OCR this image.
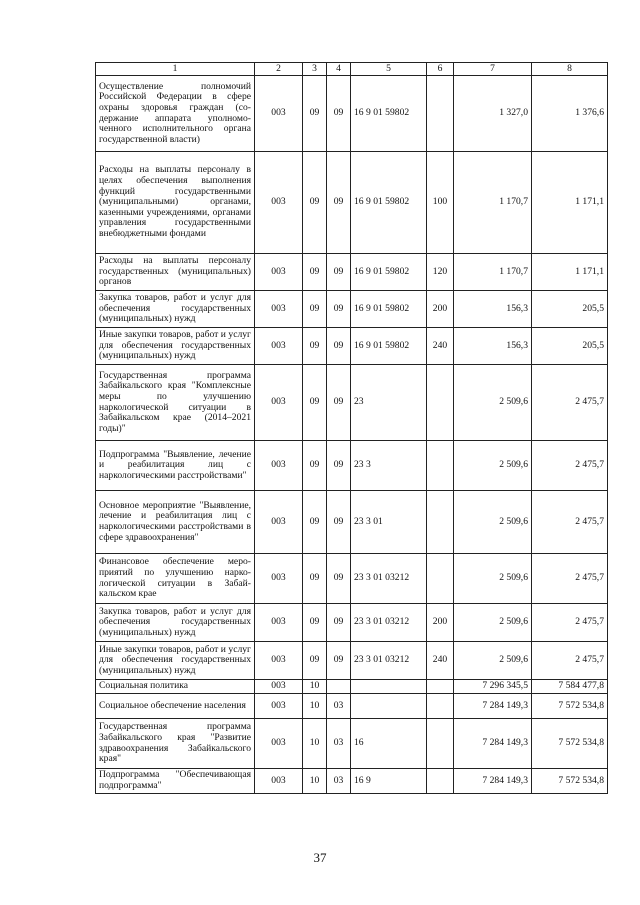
1	2	3	4	5	6	7	8
Осуществление полномочий Российской Федерации в сфере охраны здоровья граждан (содержание аппарата уполномоченного исполнительного органа государственной власти)	003	09	09	16 9 01 59802		1 327,0	1 376,6
Расходы на выплаты персоналу в целях обеспечения выполнения функций государственными (муниципальными) органами, казенными учреждениями, органами управления государственными внебюджетными фондами	003	09	09	16 9 01 59802	100	1 170,7	1 171,1
Расходы на выплаты персоналу государственных (муниципальных) органов	003	09	09	16 9 01 59802	120	1 170,7	1 171,1
Закупка товаров, работ и услуг для обеспечения государственных (муниципальных) нужд	003	09	09	16 9 01 59802	200	156,3	205,5
Иные закупки товаров, работ и услуг для обеспечения государственных (муниципальных) нужд	003	09	09	16 9 01 59802	240	156,3	205,5
Государственная программа Забайкальского края "Комплексные меры по улучшению наркологической ситуации в Забайкальском крае (2014–2021 годы)"	003	09	09	23		2 509,6	2 475,7
Подпрограмма "Выявление, лечение и реабилитация лиц с наркологическими расстройствами"	003	09	09	23 3		2 509,6	2 475,7
Основное мероприятие "Выявление, лечение и реабилитация лиц с наркологическими расстройствами в сфере здравоохранения"	003	09	09	23 3 01		2 509,6	2 475,7
Финансовое обеспечение мероприятий по улучшению наркологической ситуации в Забайкальском крае	003	09	09	23 3 01 03212		2 509,6	2 475,7
Закупка товаров, работ и услуг для обеспечения государственных (муниципальных) нужд	003	09	09	23 3 01 03212	200	2 509,6	2 475,7
Иные закупки товаров, работ и услуг для обеспечения государственных (муниципальных) нужд	003	09	09	23 3 01 03212	240	2 509,6	2 475,7
Социальная политика	003	10				7 296 345,5	7 584 477,8
Социальное обеспечение населения	003	10	03			7 284 149,3	7 572 534,8
Государственная программа Забайкальского края "Развитие здравоохранения Забайкальского края"	003	10	03	16		7 284 149,3	7 572 534,8
Подпрограмма "Обеспечивающая подпрограмма"	003	10	03	16 9		7 284 149,3	7 572 534,8
37
